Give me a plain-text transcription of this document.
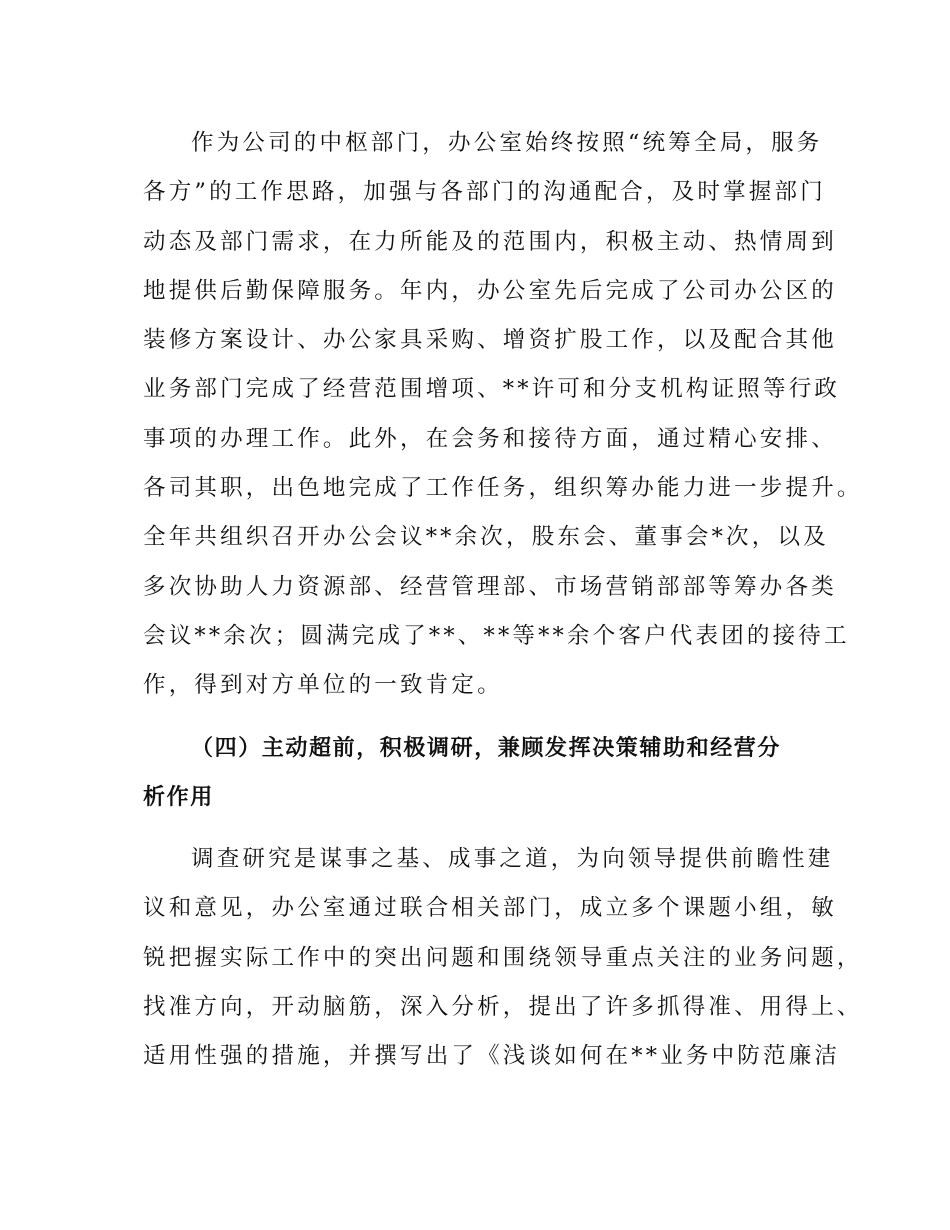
作为公司的中枢部门，办公室始终按照“统筹全局，服务
各方”的工作思路，加强与各部门的沟通配合，及时掌握部门
动态及部门需求，在力所能及的范围内，积极主动、热情周到
地提供后勤保障服务。年内，办公室先后完成了公司办公区的
装修方案设计、办公家具采购、增资扩股工作，以及配合其他
业务部门完成了经营范围增项、**许可和分支机构证照等行政
事项的办理工作。此外，在会务和接待方面，通过精心安排、
各司其职，出色地完成了工作任务，组织筹办能力进一步提升。
全年共组织召开办公会议**余次，股东会、董事会*次，以及
多次协助人力资源部、经营管理部、市场营销部部等筹办各类
会议**余次；圆满完成了**、**等**余个客户代表团的接待工
作，得到对方单位的一致肯定。
（四）主动超前，积极调研，兼顾发挥决策辅助和经营分
析作用
调查研究是谋事之基、成事之道，为向领导提供前瞻性建
议和意见，办公室通过联合相关部门，成立多个课题小组，敏
锐把握实际工作中的突出问题和围绕领导重点关注的业务问题，
找准方向，开动脑筋，深入分析，提出了许多抓得准、用得上、
适用性强的措施，并撰写出了《浅谈如何在**业务中防范廉洁
